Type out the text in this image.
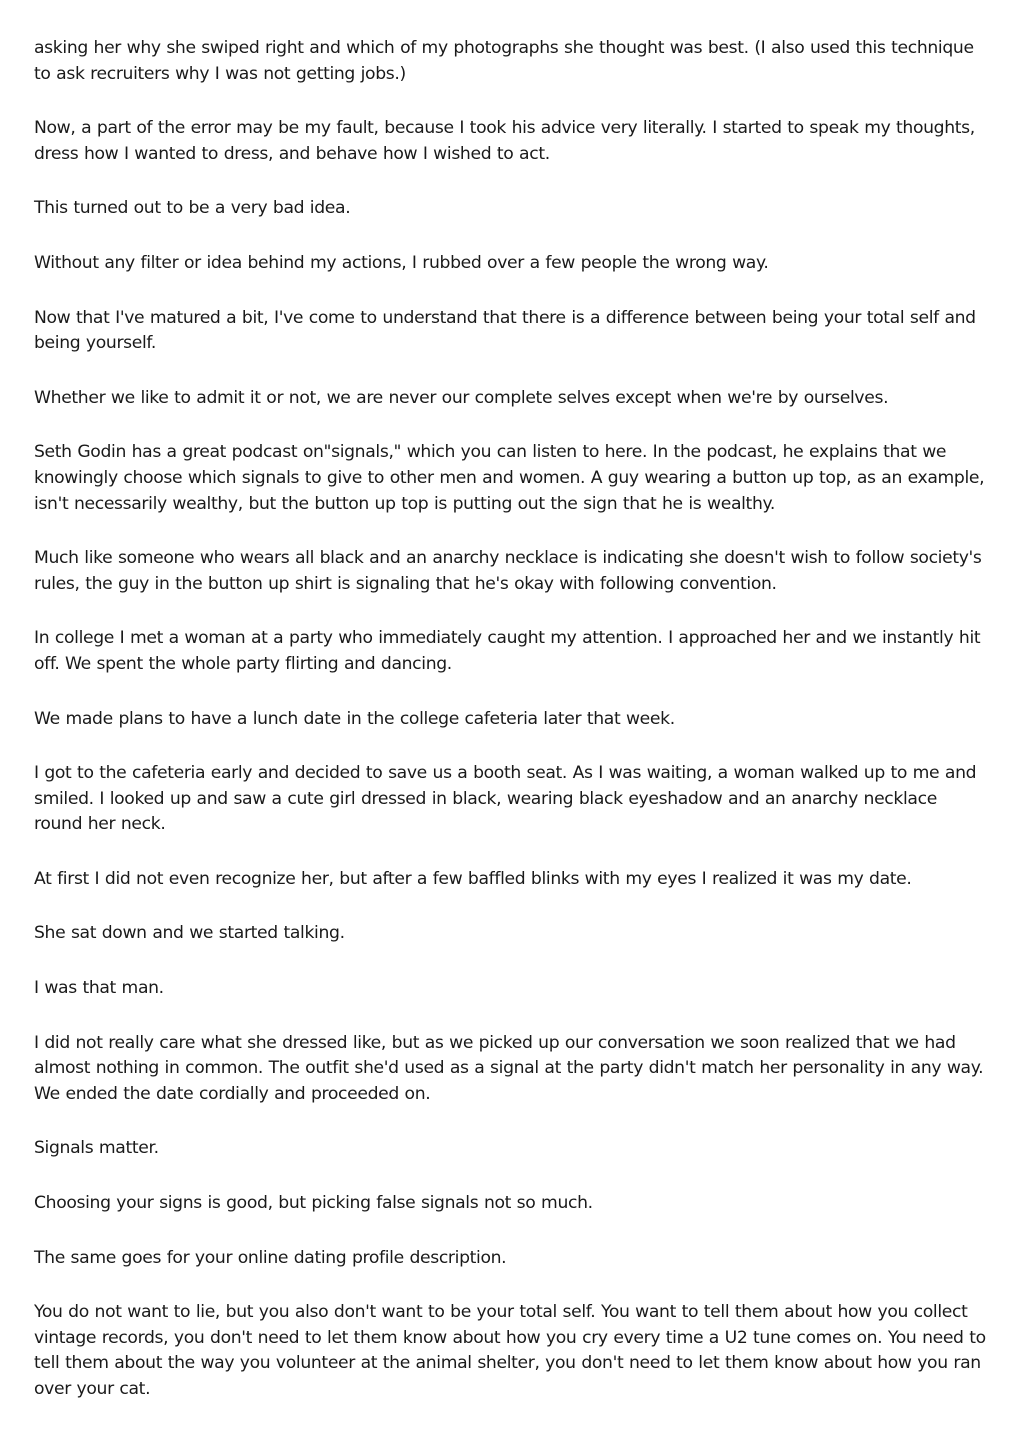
asking her why she swiped right and which of my photographs she thought was best. (I also used this technique to ask recruiters why I was not getting jobs.)

Now, a part of the error may be my fault, because I took his advice very literally. I started to speak my thoughts, dress how I wanted to dress, and behave how I wished to act.

This turned out to be a very bad idea.

Without any filter or idea behind my actions, I rubbed over a few people the wrong way.

Now that I've matured a bit, I've come to understand that there is a difference between being your total self and being yourself.

Whether we like to admit it or not, we are never our complete selves except when we're by ourselves.

Seth Godin has a great podcast on"signals," which you can listen to here. In the podcast, he explains that we knowingly choose which signals to give to other men and women. A guy wearing a button up top, as an example, isn't necessarily wealthy, but the button up top is putting out the sign that he is wealthy.

Much like someone who wears all black and an anarchy necklace is indicating she doesn't wish to follow society's rules, the guy in the button up shirt is signaling that he's okay with following convention.

In college I met a woman at a party who immediately caught my attention. I approached her and we instantly hit off. We spent the whole party flirting and dancing.

We made plans to have a lunch date in the college cafeteria later that week.

I got to the cafeteria early and decided to save us a booth seat. As I was waiting, a woman walked up to me and smiled. I looked up and saw a cute girl dressed in black, wearing black eyeshadow and an anarchy necklace round her neck.

At first I did not even recognize her, but after a few baffled blinks with my eyes I realized it was my date.

She sat down and we started talking.

I was that man.

I did not really care what she dressed like, but as we picked up our conversation we soon realized that we had almost nothing in common. The outfit she'd used as a signal at the party didn't match her personality in any way. We ended the date cordially and proceeded on.

Signals matter.

Choosing your signs is good, but picking false signals not so much.

The same goes for your online dating profile description.

You do not want to lie, but you also don't want to be your total self. You want to tell them about how you collect vintage records, you don't need to let them know about how you cry every time a U2 tune comes on. You need to tell them about the way you volunteer at the animal shelter, you don't need to let them know about how you ran over your cat.
